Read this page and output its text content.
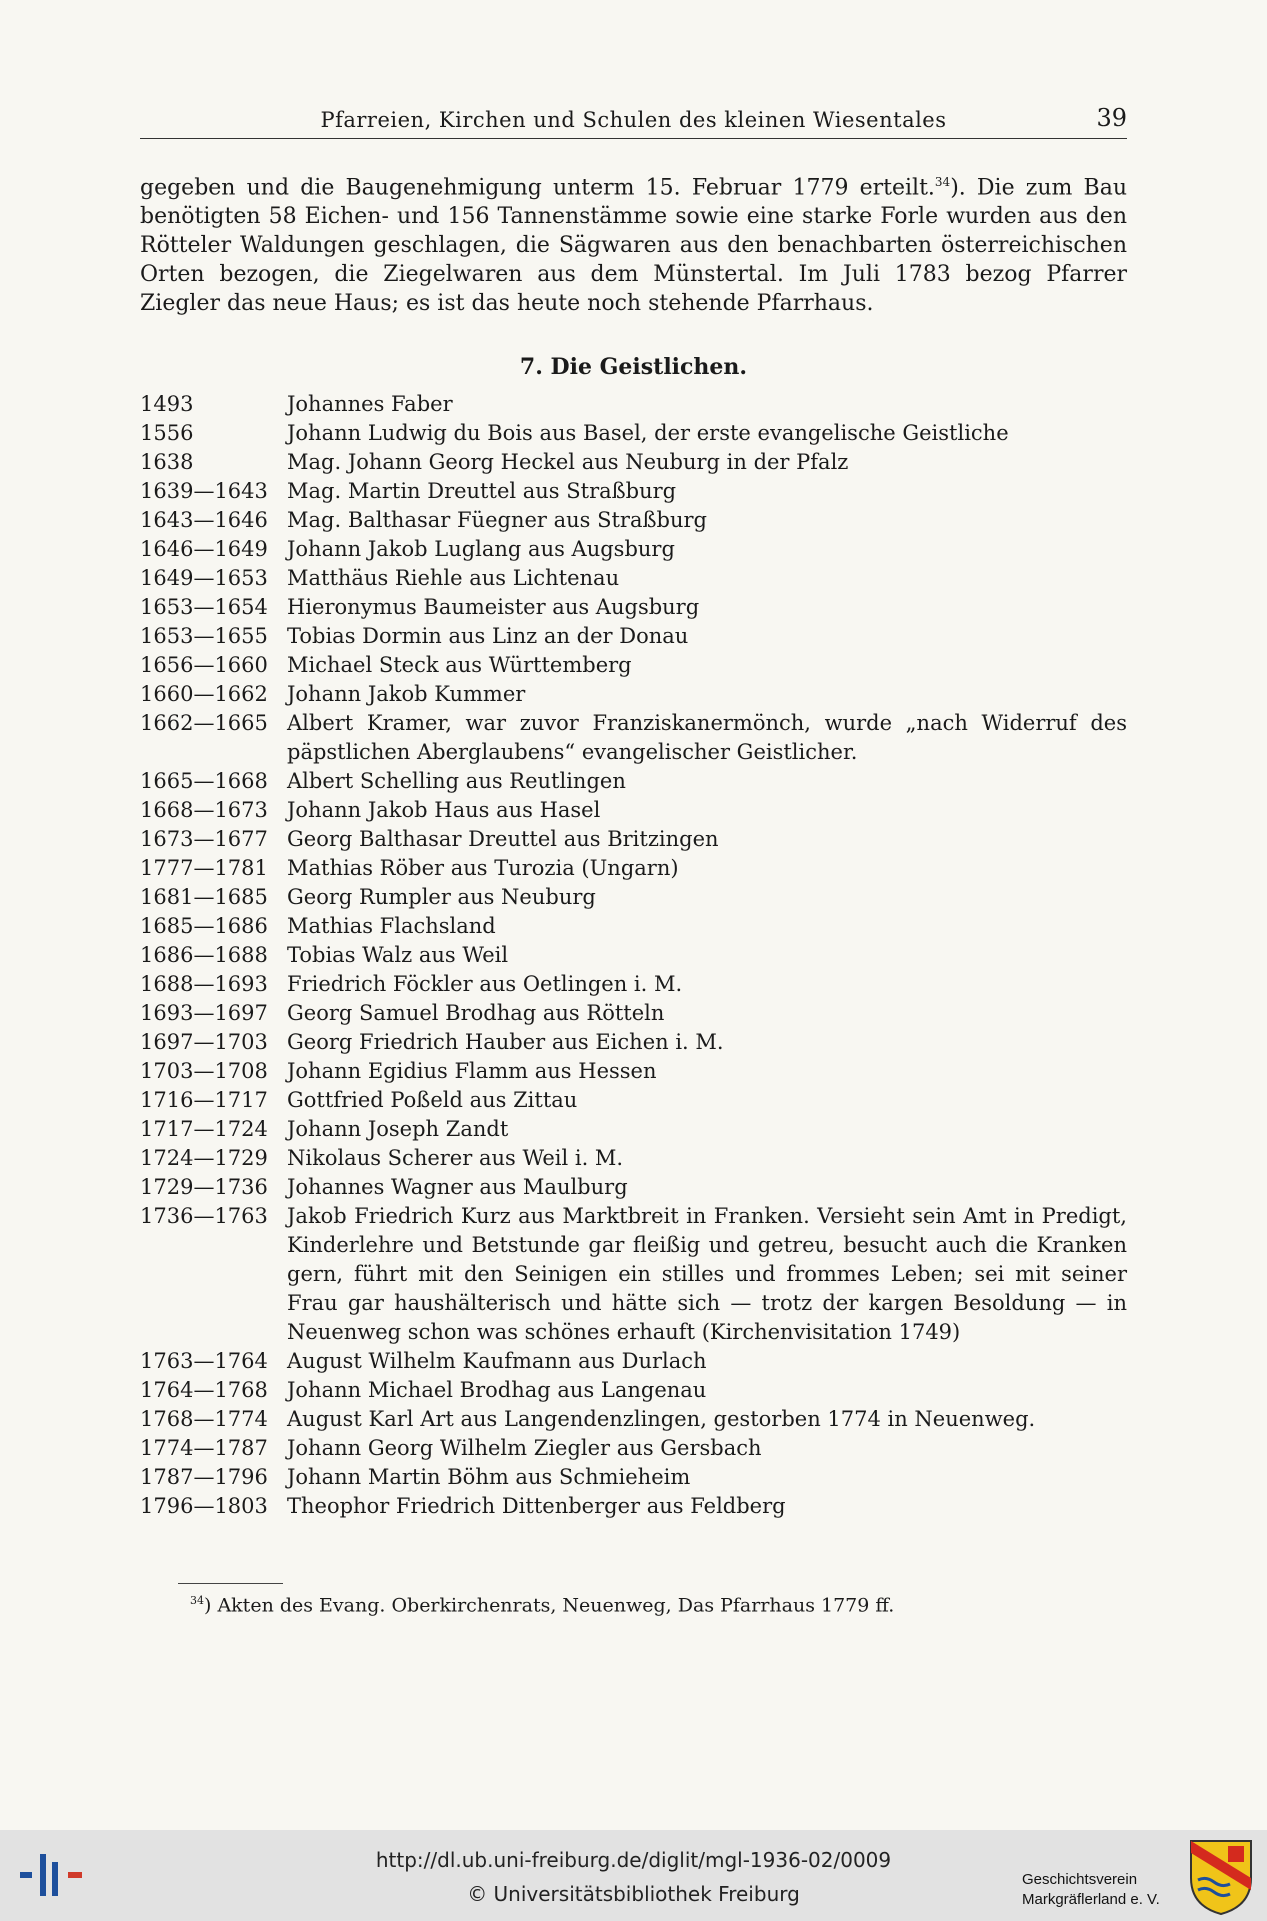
Pfarreien, Kirchen und Schulen des kleinen Wiesentales	39

gegeben und die Baugenehmigung unterm 15. Februar 1779 erteilt.$^{34}$). Die zum Bau benötigten 58 Eichen- und 156 Tannenstämme sowie eine starke Forle wurden aus den Rötteler Waldungen geschlagen, die Sägwaren aus den benachbarten österreichischen Orten bezogen, die Ziegelwaren aus dem Münstertal. Im Juli 1783 bezog Pfarrer Ziegler das neue Haus; es ist das heute noch stehende Pfarrhaus.

7. Die Geistlichen.
1493	Johannes Faber
1556	Johann Ludwig du Bois aus Basel, der erste evangelische Geistliche
1638	Mag. Johann Georg Heckel aus Neuburg in der Pfalz
1639—1643 Mag. Martin Dreuttel aus Straßburg
1643—1646 Mag. Balthasar Füegner aus Straßburg
1646—1649 Johann Jakob Luglang aus Augsburg
1649—1653 Matthäus Riehle aus Lichtenau
1653—1654 Hieronymus Baumeister aus Augsburg
1653—1655 Tobias Dormin aus Linz an der Donau
1656—1660 Michael Steck aus Württemberg
1660—1662 Johann Jakob Kummer
1662—1665 Albert Kramer, war zuvor Franziskanermönch, wurde „nach Widerruf des päpstlichen Aberglaubens“ evangelischer Geistlicher.
1665—1668 Albert Schelling aus Reutlingen
1668—1673 Johann Jakob Haus aus Hasel
1673—1677 Georg Balthasar Dreuttel aus Britzingen
1777—1781 Mathias Röber aus Turozia (Ungarn)
1681—1685 Georg Rumpler aus Neuburg
1685—1686 Mathias Flachsland
1686—1688 Tobias Walz aus Weil
1688—1693 Friedrich Föckler aus Oetlingen i. M.
1693—1697 Georg Samuel Brodhag aus Rötteln
1697—1703 Georg Friedrich Hauber aus Eichen i. M.
1703—1708 Johann Egidius Flamm aus Hessen
1716—1717 Gottfried Poßeld aus Zittau
1717—1724 Johann Joseph Zandt
1724—1729 Nikolaus Scherer aus Weil i. M.
1729—1736 Johannes Wagner aus Maulburg
1736—1763 Jakob Friedrich Kurz aus Marktbreit in Franken. Versieht sein Amt in Predigt, Kinderlehre und Betstunde gar fleißig und getreu, besucht auch die Kranken gern, führt mit den Seinigen ein stilles und frommes Leben; sei mit seiner Frau gar haushälterisch und hätte sich — trotz der kargen Besoldung — in Neuenweg schon was schönes erhauft (Kirchenvisitation 1749)
1763—1764 August Wilhelm Kaufmann aus Durlach
1764—1768 Johann Michael Brodhag aus Langenau
1768—1774 August Karl Art aus Langendenzlingen, gestorben 1774 in Neuenweg.
1774—1787 Johann Georg Wilhelm Ziegler aus Gersbach
1787—1796 Johann Martin Böhm aus Schmieheim
1796—1803 Theophor Friedrich Dittenberger aus Feldberg
$^{34}$) Akten des Evang. Oberkirchenrats, Neuenweg, Das Pfarrhaus 1779 ff.
http://dl.ub.uni-freiburg.de/diglit/mgl-1936-02/0009
© Universitätsbibliothek Freiburg
Geschichtsverein
Markgräflerland e. V.
